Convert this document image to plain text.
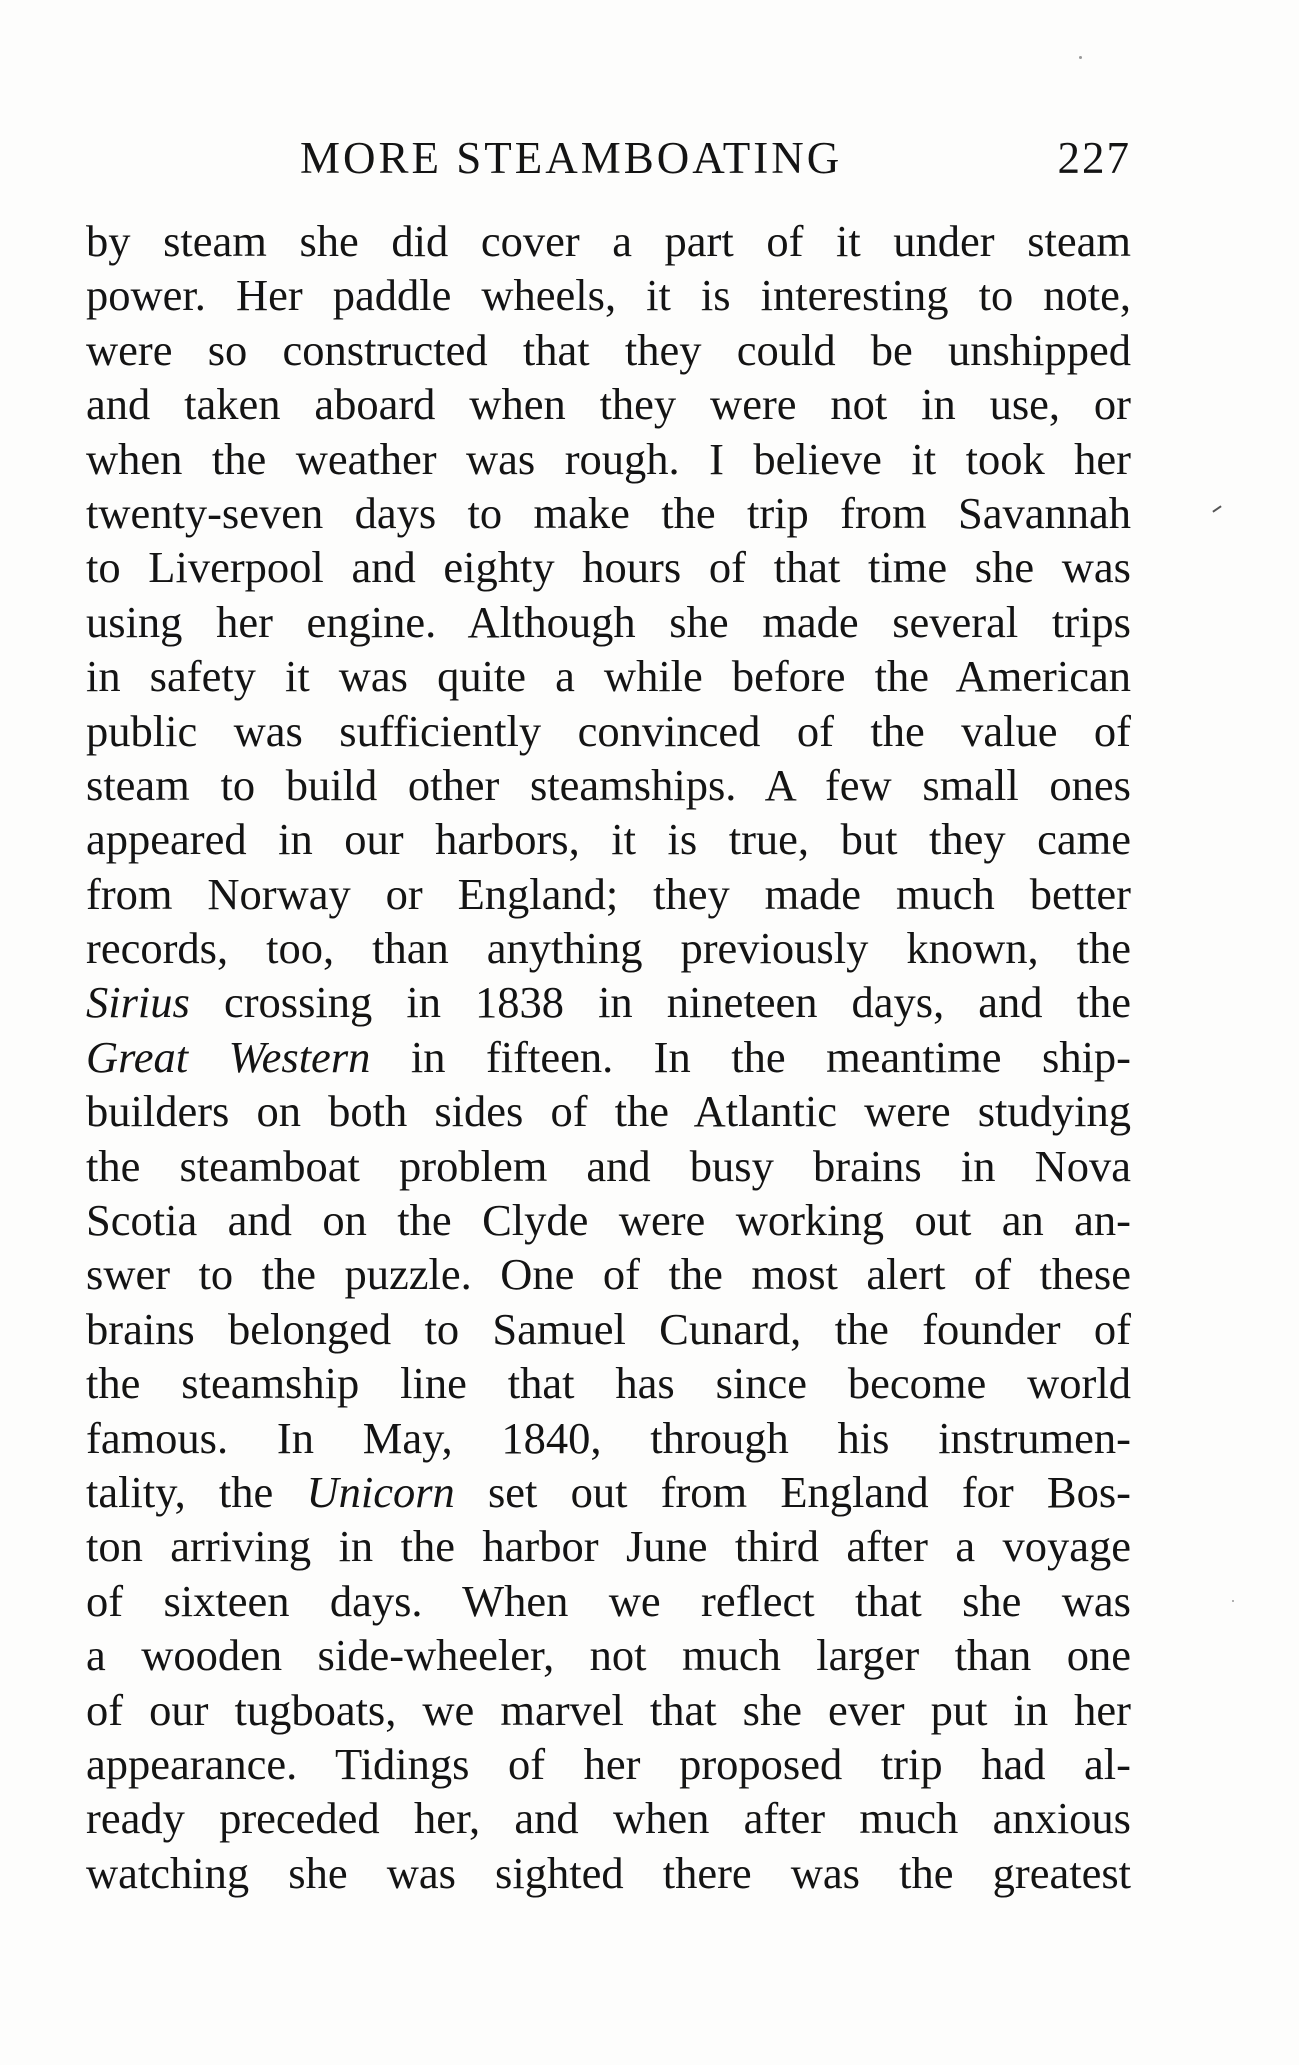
MORE STEAMBOATING	227
by steam she did cover a part of it under steam
power. Her paddle wheels, it is interesting to note,
were so constructed that they could be unshipped
and taken aboard when they were not in use, or
when the weather was rough. I believe it took her
twenty-seven days to make the trip from Savannah
to Liverpool and eighty hours of that time she was
using her engine. Although she made several trips
in safety it was quite a while before the American
public was sufficiently convinced of the value of
steam to build other steamships. A few small ones
appeared in our harbors, it is true, but they came
from Norway or England; they made much better
records, too, than anything previously known, the
Sirius crossing in 1838 in nineteen days, and the
Great Western in fifteen. In the meantime ship-
builders on both sides of the Atlantic were studying
the steamboat problem and busy brains in Nova
Scotia and on the Clyde were working out an an-
swer to the puzzle. One of the most alert of these
brains belonged to Samuel Cunard, the founder of
the steamship line that has since become world
famous. In May, 1840, through his instrumen-
tality, the Unicorn set out from England for Bos-
ton arriving in the harbor June third after a voyage
of sixteen days. When we reflect that she was
a wooden side-wheeler, not much larger than one
of our tugboats, we marvel that she ever put in her
appearance. Tidings of her proposed trip had al-
ready preceded her, and when after much anxious
watching she was sighted there was the greatest
